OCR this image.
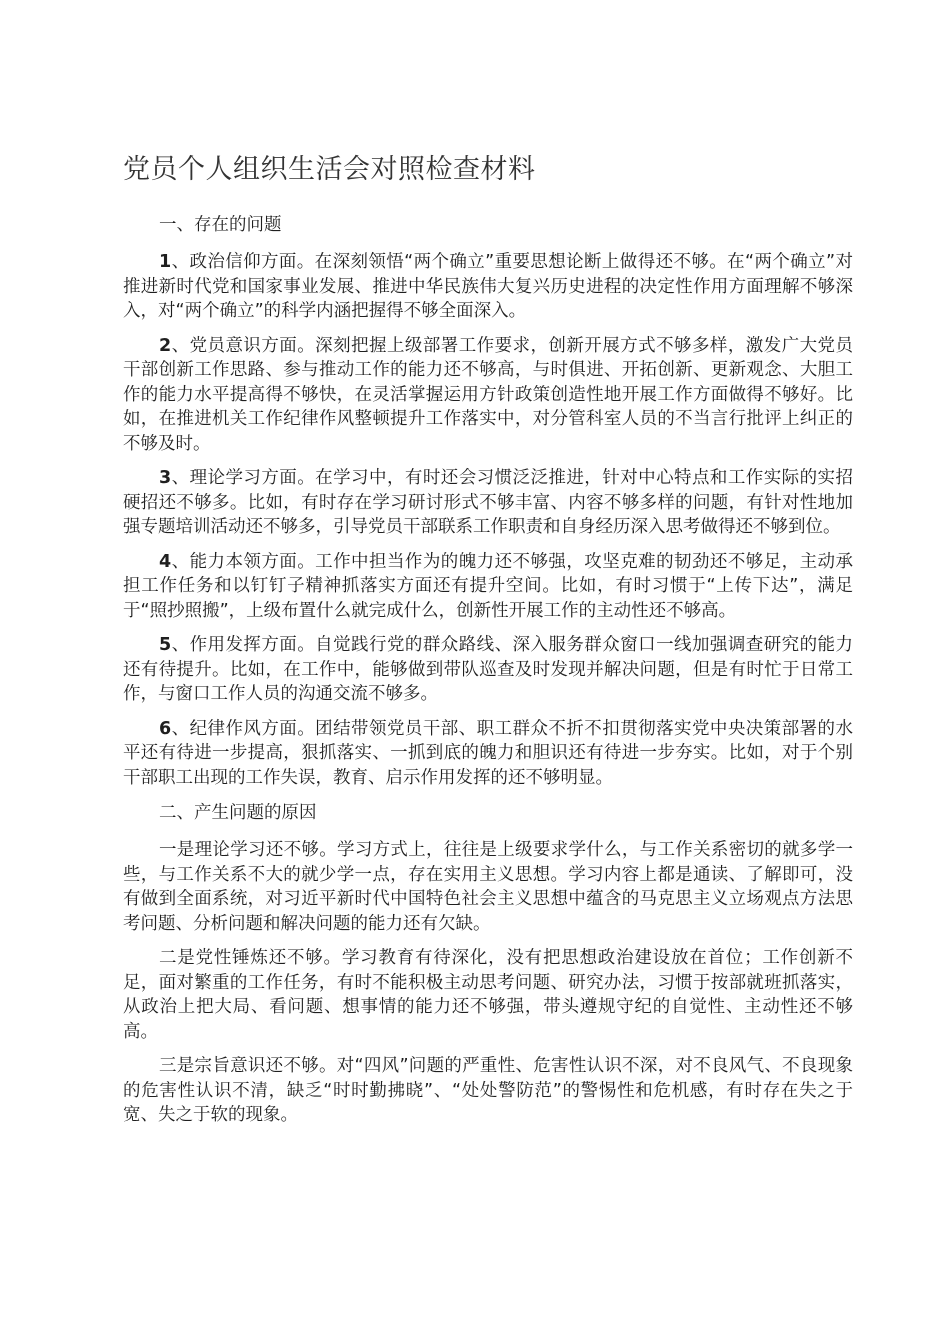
党员个人组织生活会对照检查材料

一、存在的问题

1、政治信仰方面。在深刻领悟“两个确立”重要思想论断上做得还不够。在“两个确立”对推进新时代党和国家事业发展、推进中华民族伟大复兴历史进程的决定性作用方面理解不够深入，对“两个确立”的科学内涵把握得不够全面深入。

2、党员意识方面。深刻把握上级部署工作要求，创新开展方式不够多样，激发广大党员干部创新工作思路、参与推动工作的能力还不够高，与时俱进、开拓创新、更新观念、大胆工作的能力水平提高得不够快，在灵活掌握运用方针政策创造性地开展工作方面做得不够好。比如，在推进机关工作纪律作风整顿提升工作落实中，对分管科室人员的不当言行批评上纠正的不够及时。

3、理论学习方面。在学习中，有时还会习惯泛泛推进，针对中心特点和工作实际的实招硬招还不够多。比如，有时存在学习研讨形式不够丰富、内容不够多样的问题，有针对性地加强专题培训活动还不够多，引导党员干部联系工作职责和自身经历深入思考做得还不够到位。

4、能力本领方面。工作中担当作为的魄力还不够强，攻坚克难的韧劲还不够足，主动承担工作任务和以钉钉子精神抓落实方面还有提升空间。比如，有时习惯于“上传下达”，满足于“照抄照搬”，上级布置什么就完成什么，创新性开展工作的主动性还不够高。

5、作用发挥方面。自觉践行党的群众路线、深入服务群众窗口一线加强调查研究的能力还有待提升。比如，在工作中，能够做到带队巡查及时发现并解决问题，但是有时忙于日常工作，与窗口工作人员的沟通交流不够多。

6、纪律作风方面。团结带领党员干部、职工群众不折不扣贯彻落实党中央决策部署的水平还有待进一步提高，狠抓落实、一抓到底的魄力和胆识还有待进一步夯实。比如，对于个别干部职工出现的工作失误，教育、启示作用发挥的还不够明显。

二、产生问题的原因

一是理论学习还不够。学习方式上，往往是上级要求学什么，与工作关系密切的就多学一些，与工作关系不大的就少学一点，存在实用主义思想。学习内容上都是通读、了解即可，没有做到全面系统，对习近平新时代中国特色社会主义思想中蕴含的马克思主义立场观点方法思考问题、分析问题和解决问题的能力还有欠缺。

二是党性锤炼还不够。学习教育有待深化，没有把思想政治建设放在首位；工作创新不足，面对繁重的工作任务，有时不能积极主动思考问题、研究办法，习惯于按部就班抓落实，从政治上把大局、看问题、想事情的能力还不够强，带头遵规守纪的自觉性、主动性还不够高。

三是宗旨意识还不够。对“四风”问题的严重性、危害性认识不深，对不良风气、不良现象的危害性认识不清，缺乏“时时勤拂晓”、“处处警防范”的警惕性和危机感，有时存在失之于宽、失之于软的现象。
